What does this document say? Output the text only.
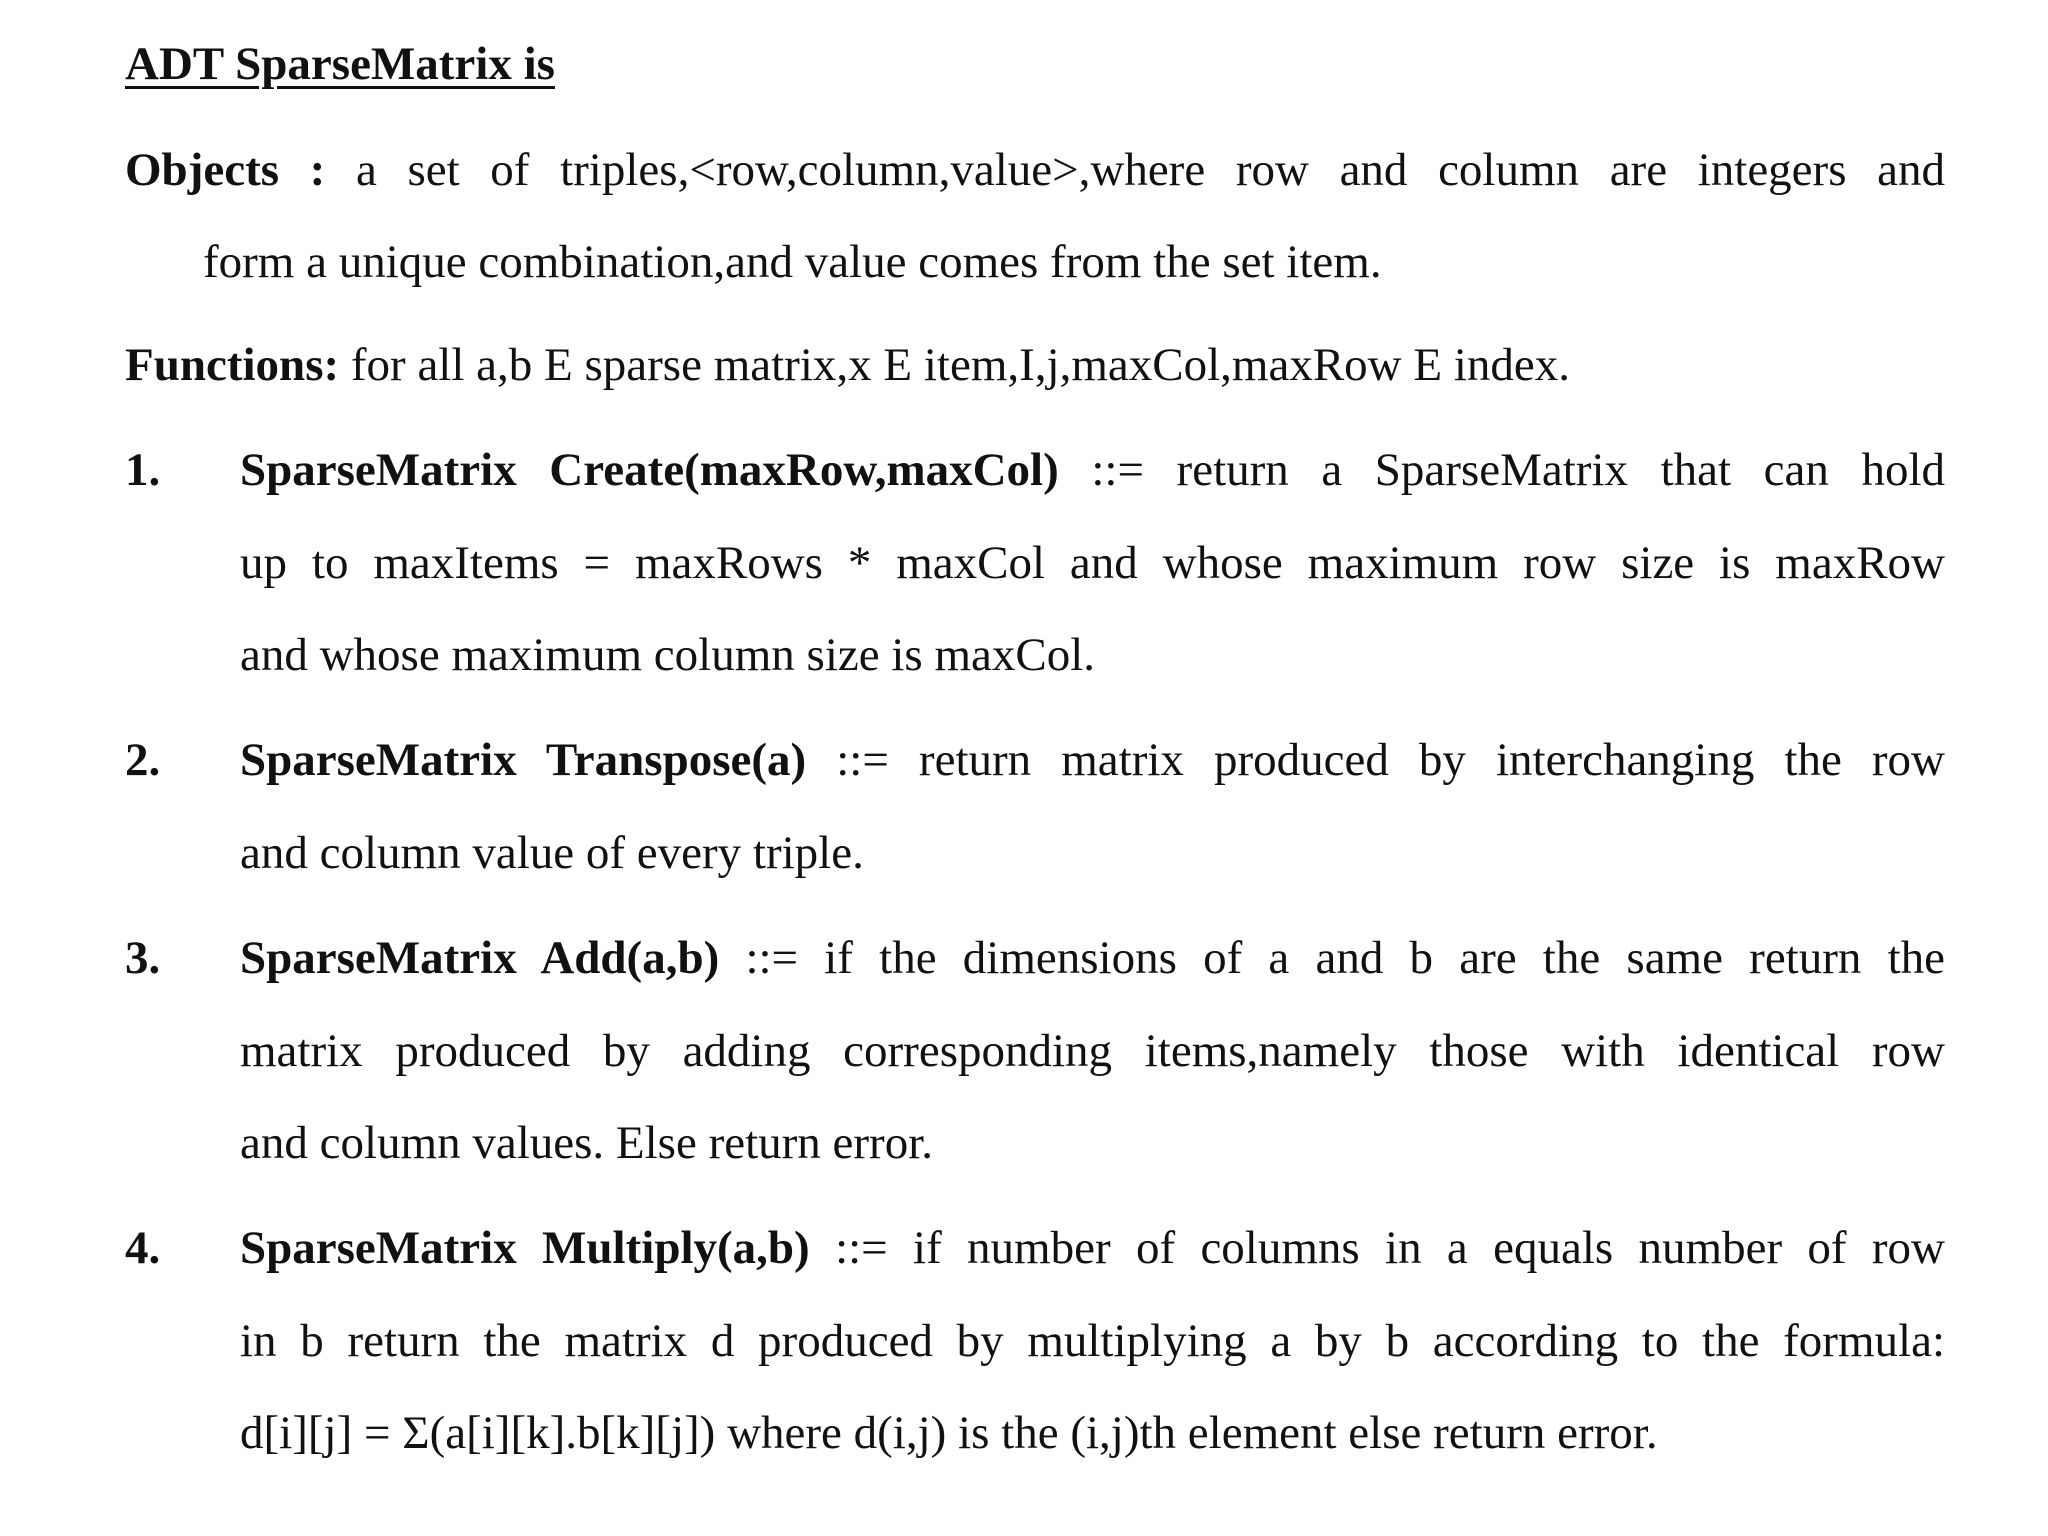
ADT SparseMatrix is
Objects : a set of triples,<row,column,value>,where row and column are integers and
form a unique combination,and value comes from the set item.
Functions: for all a,b E sparse matrix,x E item,I,j,maxCol,maxRow E index.
1. SparseMatrix Create(maxRow,maxCol) ::= return a SparseMatrix that can hold
up to maxItems = maxRows * maxCol and whose maximum row size is maxRow
and whose maximum column size is maxCol.
2. SparseMatrix Transpose(a) ::= return matrix produced by interchanging the row
and column value of every triple.
3. SparseMatrix Add(a,b) ::= if the dimensions of a and b are the same return the
matrix produced by adding corresponding items,namely those with identical row
and column values. Else return error.
4. SparseMatrix Multiply(a,b) ::= if number of columns in a equals number of row
in b return the matrix d produced by multiplying a by b according to the formula:
d[i][j] = Σ(a[i][k].b[k][j]) where d(i,j) is the (i,j)th element else return error.
